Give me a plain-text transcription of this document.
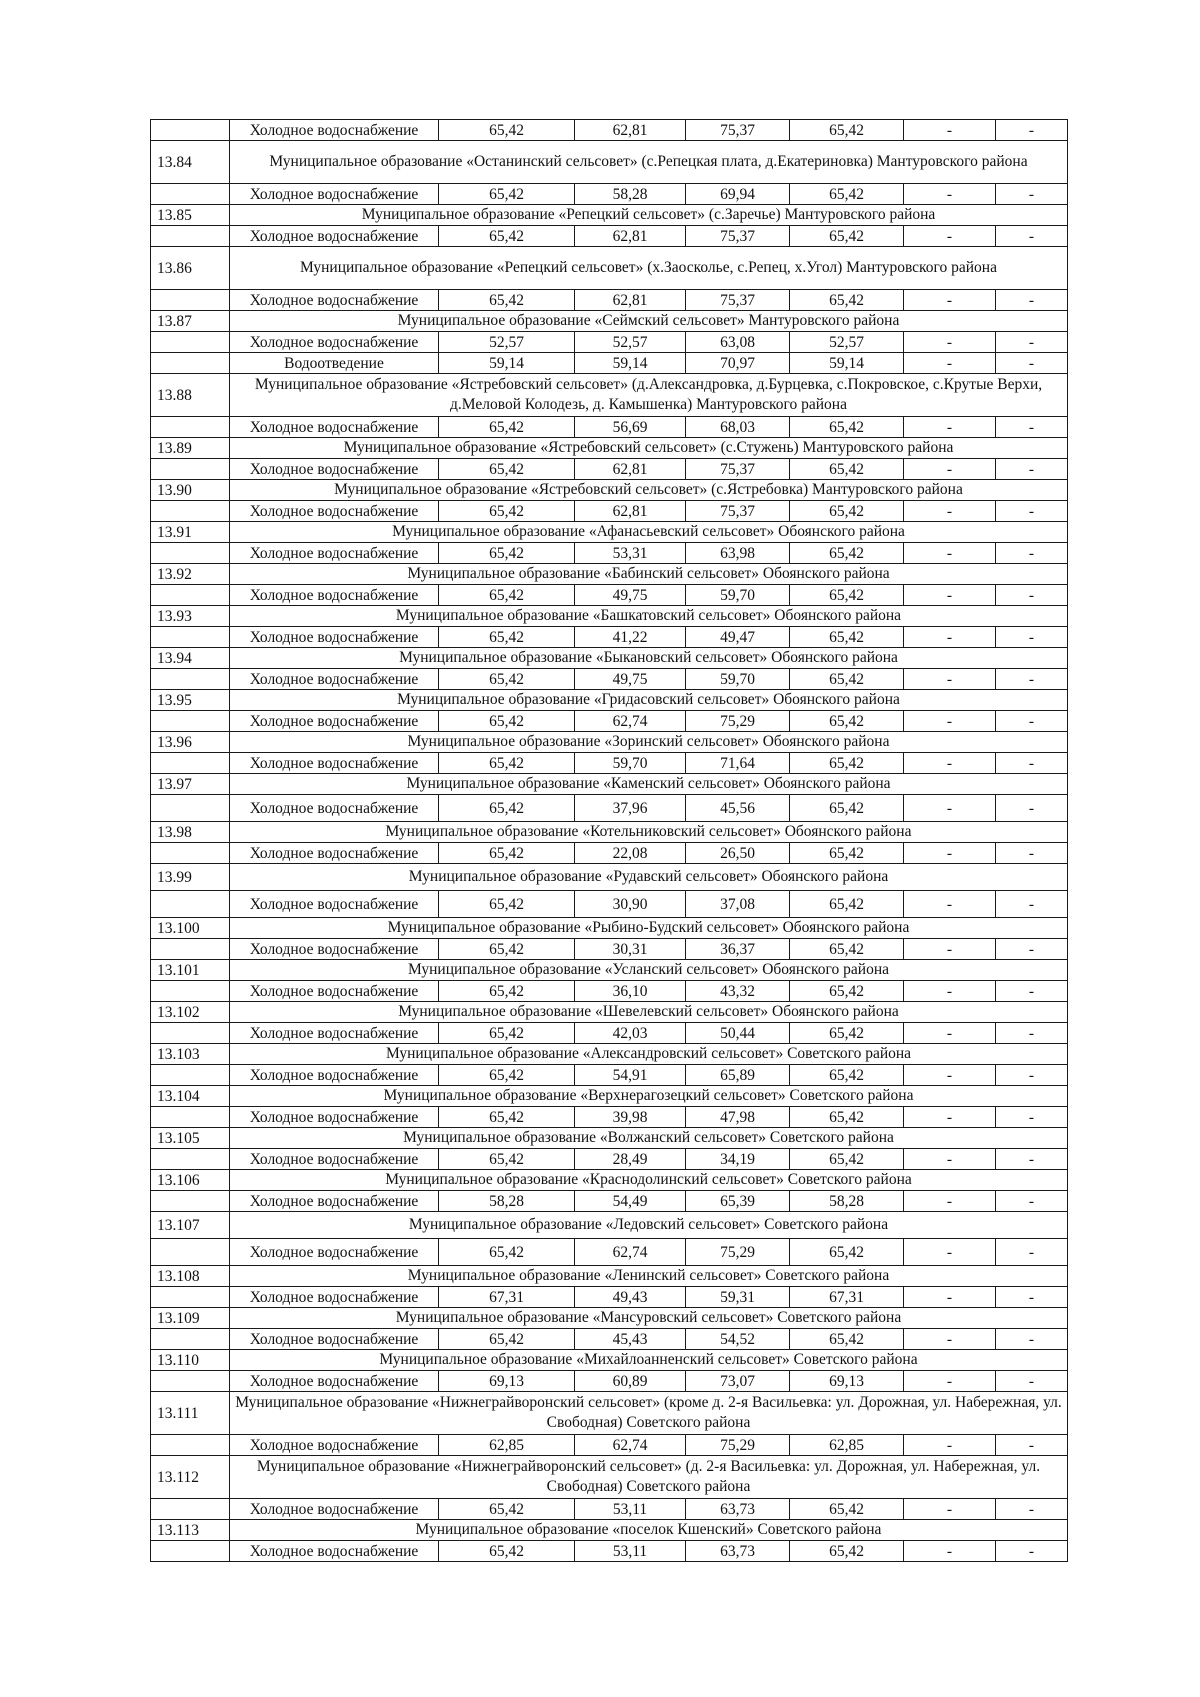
	Холодное водоснабжение	65,42	62,81	75,37	65,42	-	-
13.84	Муниципальное образование «Останинский сельсовет» (с.Репецкая плата, д.Екатериновка) Мантуровского района						
	Холодное водоснабжение	65,42	58,28	69,94	65,42	-	-
13.85	Муниципальное образование «Репецкий сельсовет» (с.Заречье) Мантуровского района						
	Холодное водоснабжение	65,42	62,81	75,37	65,42	-	-
13.86	Муниципальное образование «Репецкий сельсовет» (х.Заосколье, с.Репец, х.Угол) Мантуровского района						
	Холодное водоснабжение	65,42	62,81	75,37	65,42	-	-
13.87	Муниципальное образование «Сеймский сельсовет» Мантуровского района						
	Холодное водоснабжение	52,57	52,57	63,08	52,57	-	-
	Водоотведение	59,14	59,14	70,97	59,14	-	-
13.88	Муниципальное образование «Ястребовский сельсовет» (д.Александровка, д.Бурцевка, с.Покровское, с.Крутые Верхи, д.Меловой Колодезь, д. Камышенка) Мантуровского района						
	Холодное водоснабжение	65,42	56,69	68,03	65,42	-	-
13.89	Муниципальное образование «Ястребовский сельсовет» (с.Стужень) Мантуровского района						
	Холодное водоснабжение	65,42	62,81	75,37	65,42	-	-
13.90	Муниципальное образование «Ястребовский сельсовет» (с.Ястребовка) Мантуровского района						
	Холодное водоснабжение	65,42	62,81	75,37	65,42	-	-
13.91	Муниципальное образование «Афанасьевский сельсовет» Обоянского района						
	Холодное водоснабжение	65,42	53,31	63,98	65,42	-	-
13.92	Муниципальное образование «Бабинский сельсовет» Обоянского района						
	Холодное водоснабжение	65,42	49,75	59,70	65,42	-	-
13.93	Муниципальное образование «Башкатовский сельсовет» Обоянского района						
	Холодное водоснабжение	65,42	41,22	49,47	65,42	-	-
13.94	Муниципальное образование «Быкановский сельсовет» Обоянского района						
	Холодное водоснабжение	65,42	49,75	59,70	65,42	-	-
13.95	Муниципальное образование «Гридасовский сельсовет» Обоянского района						
	Холодное водоснабжение	65,42	62,74	75,29	65,42	-	-
13.96	Муниципальное образование «Зоринский сельсовет» Обоянского района						
	Холодное водоснабжение	65,42	59,70	71,64	65,42	-	-
13.97	Муниципальное образование «Каменский сельсовет» Обоянского района						
	Холодное водоснабжение	65,42	37,96	45,56	65,42	-	-
13.98	Муниципальное образование «Котельниковский сельсовет» Обоянского района						
	Холодное водоснабжение	65,42	22,08	26,50	65,42	-	-
13.99	Муниципальное образование «Рудавский сельсовет» Обоянского района						
	Холодное водоснабжение	65,42	30,90	37,08	65,42	-	-
13.100	Муниципальное образование «Рыбино-Будский сельсовет» Обоянского района						
	Холодное водоснабжение	65,42	30,31	36,37	65,42	-	-
13.101	Муниципальное образование «Усланский сельсовет» Обоянского района						
	Холодное водоснабжение	65,42	36,10	43,32	65,42	-	-
13.102	Муниципальное образование «Шевелевский сельсовет» Обоянского района						
	Холодное водоснабжение	65,42	42,03	50,44	65,42	-	-
13.103	Муниципальное образование «Александровский сельсовет» Советского района						
	Холодное водоснабжение	65,42	54,91	65,89	65,42	-	-
13.104	Муниципальное образование «Верхнерагозецкий сельсовет» Советского района						
	Холодное водоснабжение	65,42	39,98	47,98	65,42	-	-
13.105	Муниципальное образование «Волжанский сельсовет» Советского района						
	Холодное водоснабжение	65,42	28,49	34,19	65,42	-	-
13.106	Муниципальное образование «Краснодолинский сельсовет» Советского района						
	Холодное водоснабжение	58,28	54,49	65,39	58,28	-	-
13.107	Муниципальное образование «Ледовский сельсовет» Советского района						
	Холодное водоснабжение	65,42	62,74	75,29	65,42	-	-
13.108	Муниципальное образование «Ленинский сельсовет» Советского района						
	Холодное водоснабжение	67,31	49,43	59,31	67,31	-	-
13.109	Муниципальное образование «Мансуровский сельсовет» Советского района						
	Холодное водоснабжение	65,42	45,43	54,52	65,42	-	-
13.110	Муниципальное образование «Михайлоанненский сельсовет» Советского района						
	Холодное водоснабжение	69,13	60,89	73,07	69,13	-	-
13.111	Муниципальное образование «Нижнеграйворонский сельсовет» (кроме д. 2-я Васильевка: ул. Дорожная, ул. Набережная, ул. Свободная) Советского района						
	Холодное водоснабжение	62,85	62,74	75,29	62,85	-	-
13.112	Муниципальное образование «Нижнеграйворонский сельсовет» (д. 2-я Васильевка: ул. Дорожная, ул. Набережная, ул. Свободная) Советского района						
	Холодное водоснабжение	65,42	53,11	63,73	65,42	-	-
13.113	Муниципальное образование «поселок Кшенский» Советского района						
	Холодное водоснабжение	65,42	53,11	63,73	65,42	-	-
